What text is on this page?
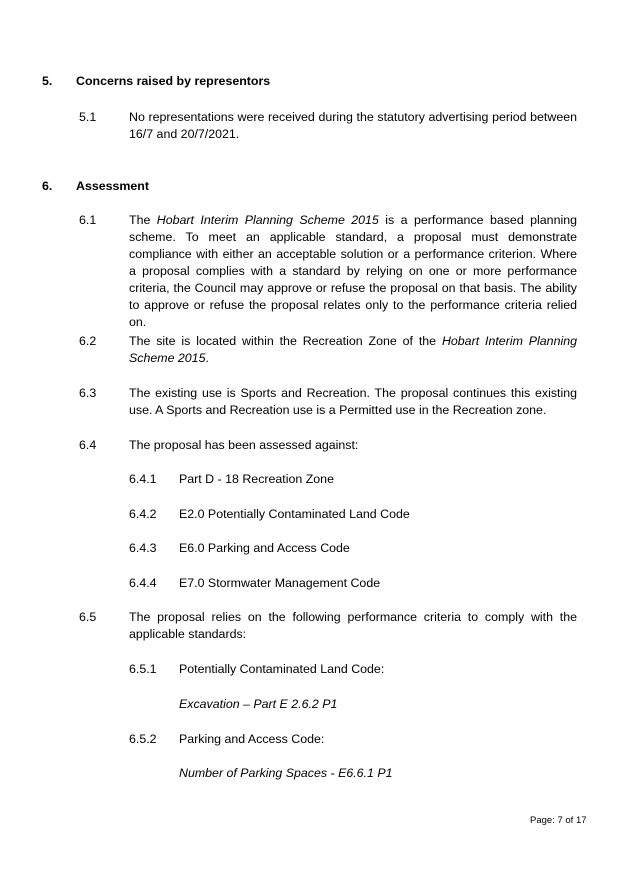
5. Concerns raised by representors
5.1	No representations were received during the statutory advertising period between 16/7 and 20/7/2021.
6. Assessment
6.1	The Hobart Interim Planning Scheme 2015 is a performance based planning scheme. To meet an applicable standard, a proposal must demonstrate compliance with either an acceptable solution or a performance criterion. Where a proposal complies with a standard by relying on one or more performance criteria, the Council may approve or refuse the proposal on that basis. The ability to approve or refuse the proposal relates only to the performance criteria relied on.
6.2	The site is located within the Recreation Zone of the Hobart Interim Planning Scheme 2015.
6.3	The existing use is Sports and Recreation. The proposal continues this existing use. A Sports and Recreation use is a Permitted use in the Recreation zone.
6.4	The proposal has been assessed against:
6.4.1 Part D - 18 Recreation Zone
6.4.2 E2.0 Potentially Contaminated Land Code
6.4.3 E6.0 Parking and Access Code
6.4.4 E7.0 Stormwater Management Code
6.5	The proposal relies on the following performance criteria to comply with the applicable standards:
6.5.1 Potentially Contaminated Land Code:
Excavation – Part E 2.6.2 P1
6.5.2 Parking and Access Code:
Number of Parking Spaces - E6.6.1 P1
Page: 7 of 17
